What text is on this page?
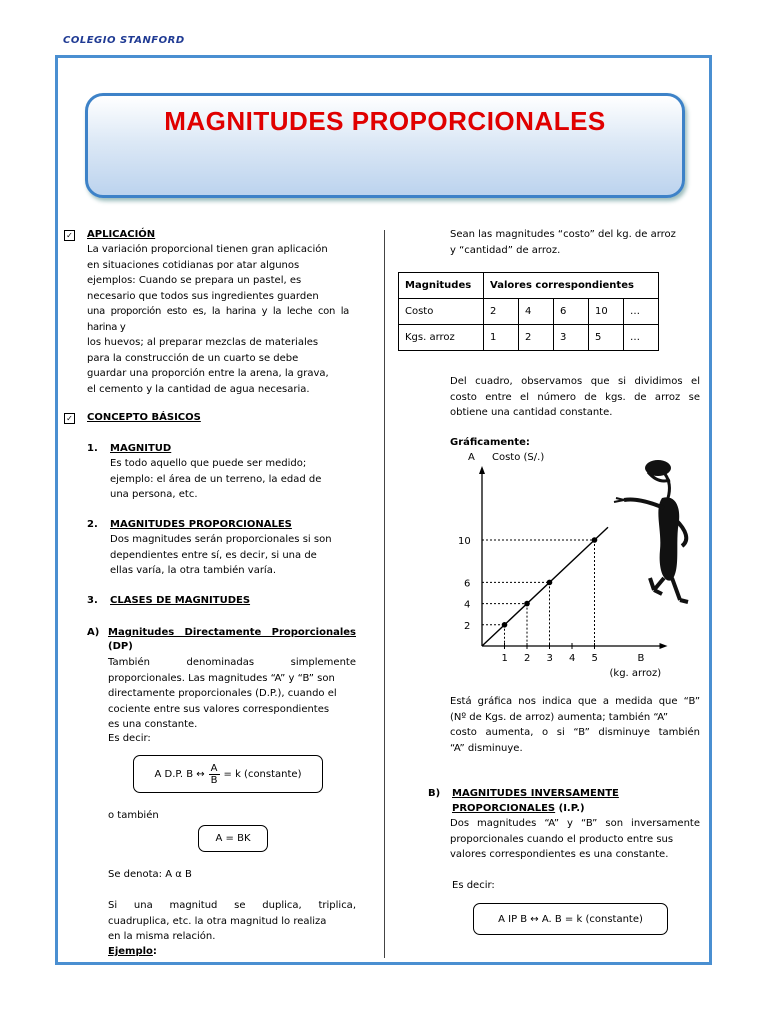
COLEGIO STANFORD
MAGNITUDES PROPORCIONALES
✓ APLICACIÓN
La variación proporcional tienen gran aplicación
en situaciones cotidianas por atar algunos
ejemplos: Cuando se prepara un pastel, es
necesario que todos sus ingredientes guarden
una proporción esto es, la harina y la leche con la harina y
los huevos; al preparar mezclas de materiales
para la construcción de un cuarto se debe
guardar una proporción entre la arena, la grava,
el cemento y la cantidad de agua necesaria.
✓ CONCEPTO BÁSICOS
1. MAGNITUD
Es todo aquello que puede ser medido;
ejemplo: el área de un terreno, la edad de
una persona, etc.
2. MAGNITUDES PROPORCIONALES
Dos magnitudes serán proporcionales si son
dependientes entre sí, es decir, si una de
ellas varía, la otra también varía.
3. CLASES DE MAGNITUDES
A) Magnitudes Directamente Proporcionales
(DP)
También denominadas simplemente
proporcionales. Las magnitudes “A” y “B” son
directamente proporcionales (D.P.), cuando el
cociente entre sus valores correspondientes
es una constante.
Es decir:
A D.P. B ↔ $\frac{A}{B} = k$ (constante)
o también
A = BK
Se denota: A α B
Si una magnitud se duplica, triplica,
cuadruplica, etc. la otra magnitud lo realiza
en la misma relación.
Ejemplo:
Sean las magnitudes “costo” del kg. de arroz
y “cantidad” de arroz.
Magnitudes	Valores correspondientes				
Costo	2	4	6	10	…
Kgs. arroz	1	2	3	5	…
Del cuadro, observamos que si dividimos el
costo entre el número de kgs. de arroz se
obtiene una cantidad constante.
Gráficamente:
A Costo (S/.)
B
(kg. arroz)
1 2 3 4 5
2
4
6
10
Está gráfica nos indica que a medida que “B”
(Nº de Kgs. de arroz) aumenta; también “A”
costo aumenta, o si “B” disminuye también
“A” disminuye.
B) MAGNITUDES INVERSAMENTE
PROPORCIONALES (I.P.)
Dos magnitudes “A” y “B” son inversamente
proporcionales cuando el producto entre sus
valores correspondientes es una constante.
Es decir:
A IP B ↔ A. B = k (constante)
